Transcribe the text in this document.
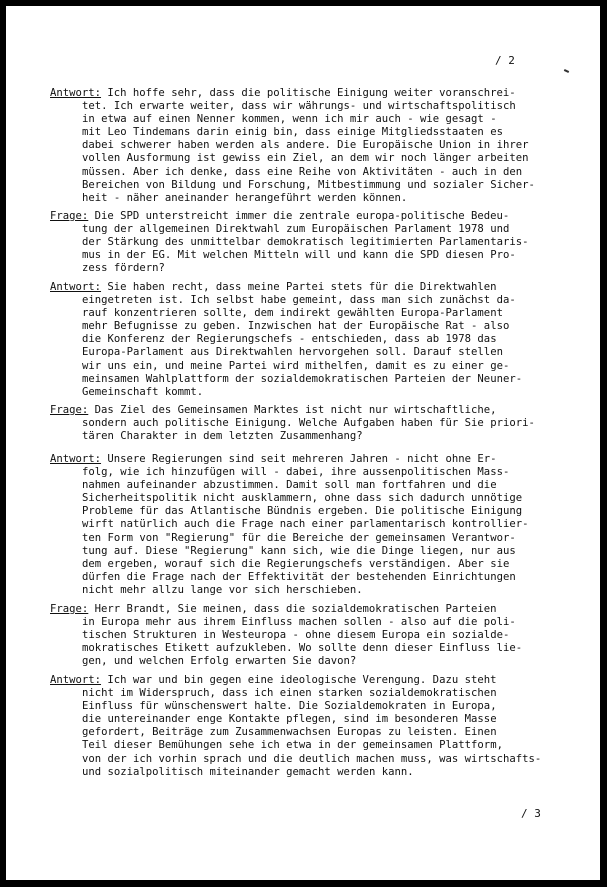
/ 2
Antwort: Ich hoffe sehr, dass die politische Einigung weiter voranschrei-
tet. Ich erwarte weiter, dass wir währungs- und wirtschaftspolitisch
in etwa auf einen Nenner kommen, wenn ich mir auch - wie gesagt -
mit Leo Tindemans darin einig bin, dass einige Mitgliedsstaaten es
dabei schwerer haben werden als andere. Die Europäische Union in ihrer
vollen Ausformung ist gewiss ein Ziel, an dem wir noch länger arbeiten
müssen. Aber ich denke, dass eine Reihe von Aktivitäten - auch in den
Bereichen von Bildung und Forschung, Mitbestimmung und sozialer Sicher-
heit - näher aneinander herangeführt werden können.
Frage: Die SPD unterstreicht immer die zentrale europa-politische Bedeu-
tung der allgemeinen Direktwahl zum Europäischen Parlament 1978 und
der Stärkung des unmittelbar demokratisch legitimierten Parlamentaris-
mus in der EG. Mit welchen Mitteln will und kann die SPD diesen Pro-
zess fördern?
Antwort: Sie haben recht, dass meine Partei stets für die Direktwahlen
eingetreten ist. Ich selbst habe gemeint, dass man sich zunächst da-
rauf konzentrieren sollte, dem indirekt gewählten Europa-Parlament
mehr Befugnisse zu geben. Inzwischen hat der Europäische Rat - also
die Konferenz der Regierungschefs - entschieden, dass ab 1978 das
Europa-Parlament aus Direktwahlen hervorgehen soll. Darauf stellen
wir uns ein, und meine Partei wird mithelfen, damit es zu einer ge-
meinsamen Wahlplattform der sozialdemokratischen Parteien der Neuner-
Gemeinschaft kommt.
Frage: Das Ziel des Gemeinsamen Marktes ist nicht nur wirtschaftliche,
sondern auch politische Einigung. Welche Aufgaben haben für Sie priori-
tären Charakter in dem letzten Zusammenhang?
Antwort: Unsere Regierungen sind seit mehreren Jahren - nicht ohne Er-
folg, wie ich hinzufügen will - dabei, ihre aussenpolitischen Mass-
nahmen aufeinander abzustimmen. Damit soll man fortfahren und die
Sicherheitspolitik nicht ausklammern, ohne dass sich dadurch unnötige
Probleme für das Atlantische Bündnis ergeben. Die politische Einigung
wirft natürlich auch die Frage nach einer parlamentarisch kontrollier-
ten Form von "Regierung" für die Bereiche der gemeinsamen Verantwor-
tung auf. Diese "Regierung" kann sich, wie die Dinge liegen, nur aus
dem ergeben, worauf sich die Regierungschefs verständigen. Aber sie
dürfen die Frage nach der Effektivität der bestehenden Einrichtungen
nicht mehr allzu lange vor sich herschieben.
Frage: Herr Brandt, Sie meinen, dass die sozialdemokratischen Parteien
in Europa mehr aus ihrem Einfluss machen sollen - also auf die poli-
tischen Strukturen in Westeuropa - ohne diesem Europa ein sozialde-
mokratisches Etikett aufzukleben. Wo sollte denn dieser Einfluss lie-
gen, und welchen Erfolg erwarten Sie davon?
Antwort: Ich war und bin gegen eine ideologische Verengung. Dazu steht
nicht im Widerspruch, dass ich einen starken sozialdemokratischen
Einfluss für wünschenswert halte. Die Sozialdemokraten in Europa,
die untereinander enge Kontakte pflegen, sind im besonderen Masse
gefordert, Beiträge zum Zusammenwachsen Europas zu leisten. Einen
Teil dieser Bemühungen sehe ich etwa in der gemeinsamen Plattform,
von der ich vorhin sprach und die deutlich machen muss, was wirtschafts-
und sozialpolitisch miteinander gemacht werden kann.
/ 3
